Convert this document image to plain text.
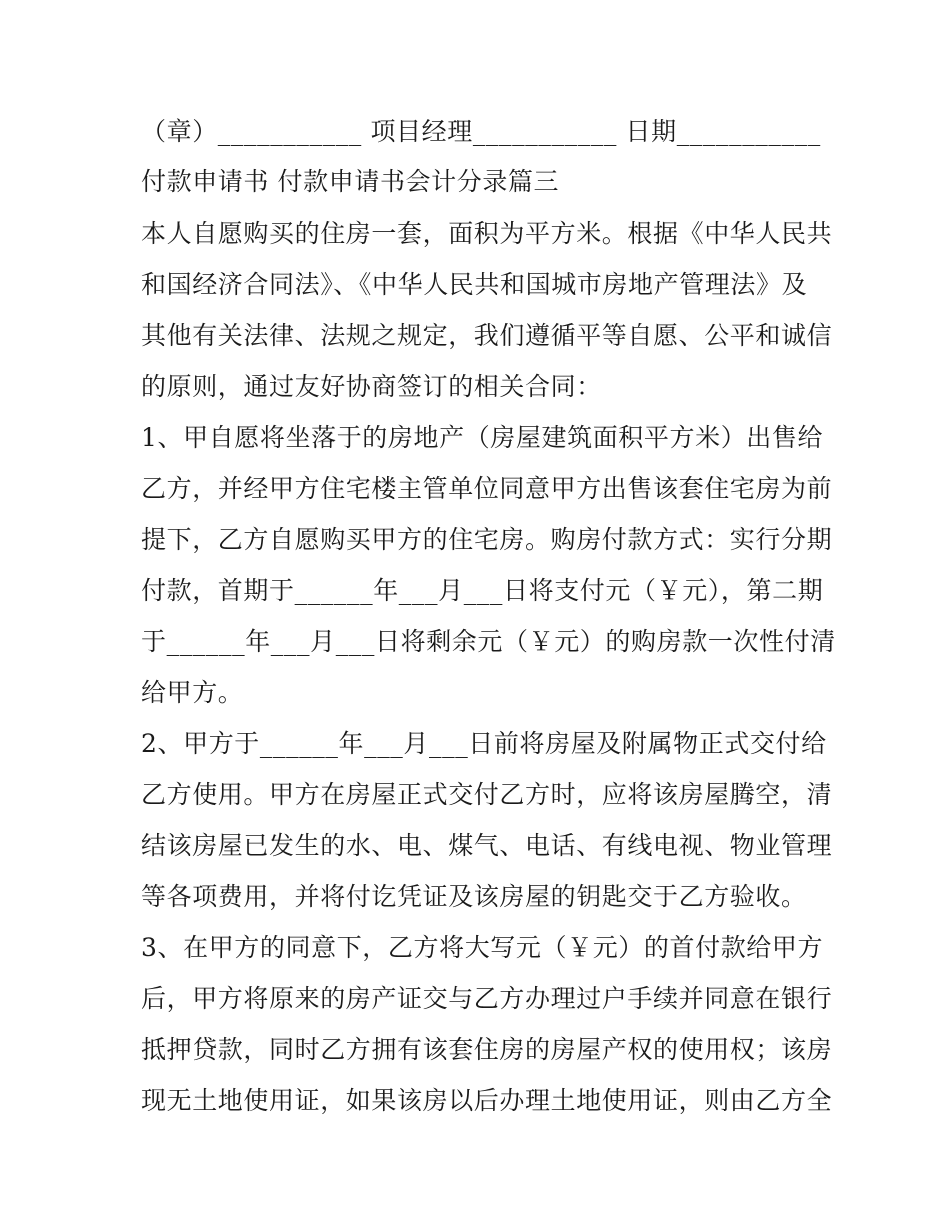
（章）___________ 项目经理___________ 日期___________
付款申请书 付款申请书会计分录篇三
本人自愿购买的住房一套，面积为平方米。根据《中华人民共
和国经济合同法》、《中华人民共和国城市房地产管理法》及
其他有关法律、法规之规定，我们遵循平等自愿、公平和诚信
的原则，通过友好协商签订的相关合同：
1、甲自愿将坐落于的房地产（房屋建筑面积平方米）出售给
乙方，并经甲方住宅楼主管单位同意甲方出售该套住宅房为前
提下，乙方自愿购买甲方的住宅房。购房付款方式：实行分期
付款，首期于______年___月___日将支付元（￥元），第二期
于______年___月___日将剩余元（￥元）的购房款一次性付清
给甲方。
2、甲方于______年___月___日前将房屋及附属物正式交付给
乙方使用。甲方在房屋正式交付乙方时，应将该房屋腾空，清
结该房屋已发生的水、电、煤气、电话、有线电视、物业管理
等各项费用，并将付讫凭证及该房屋的钥匙交于乙方验收。
3、在甲方的同意下，乙方将大写元（￥元）的首付款给甲方
后，甲方将原来的房产证交与乙方办理过户手续并同意在银行
抵押贷款，同时乙方拥有该套住房的房屋产权的使用权；该房
现无土地使用证，如果该房以后办理土地使用证，则由乙方全
